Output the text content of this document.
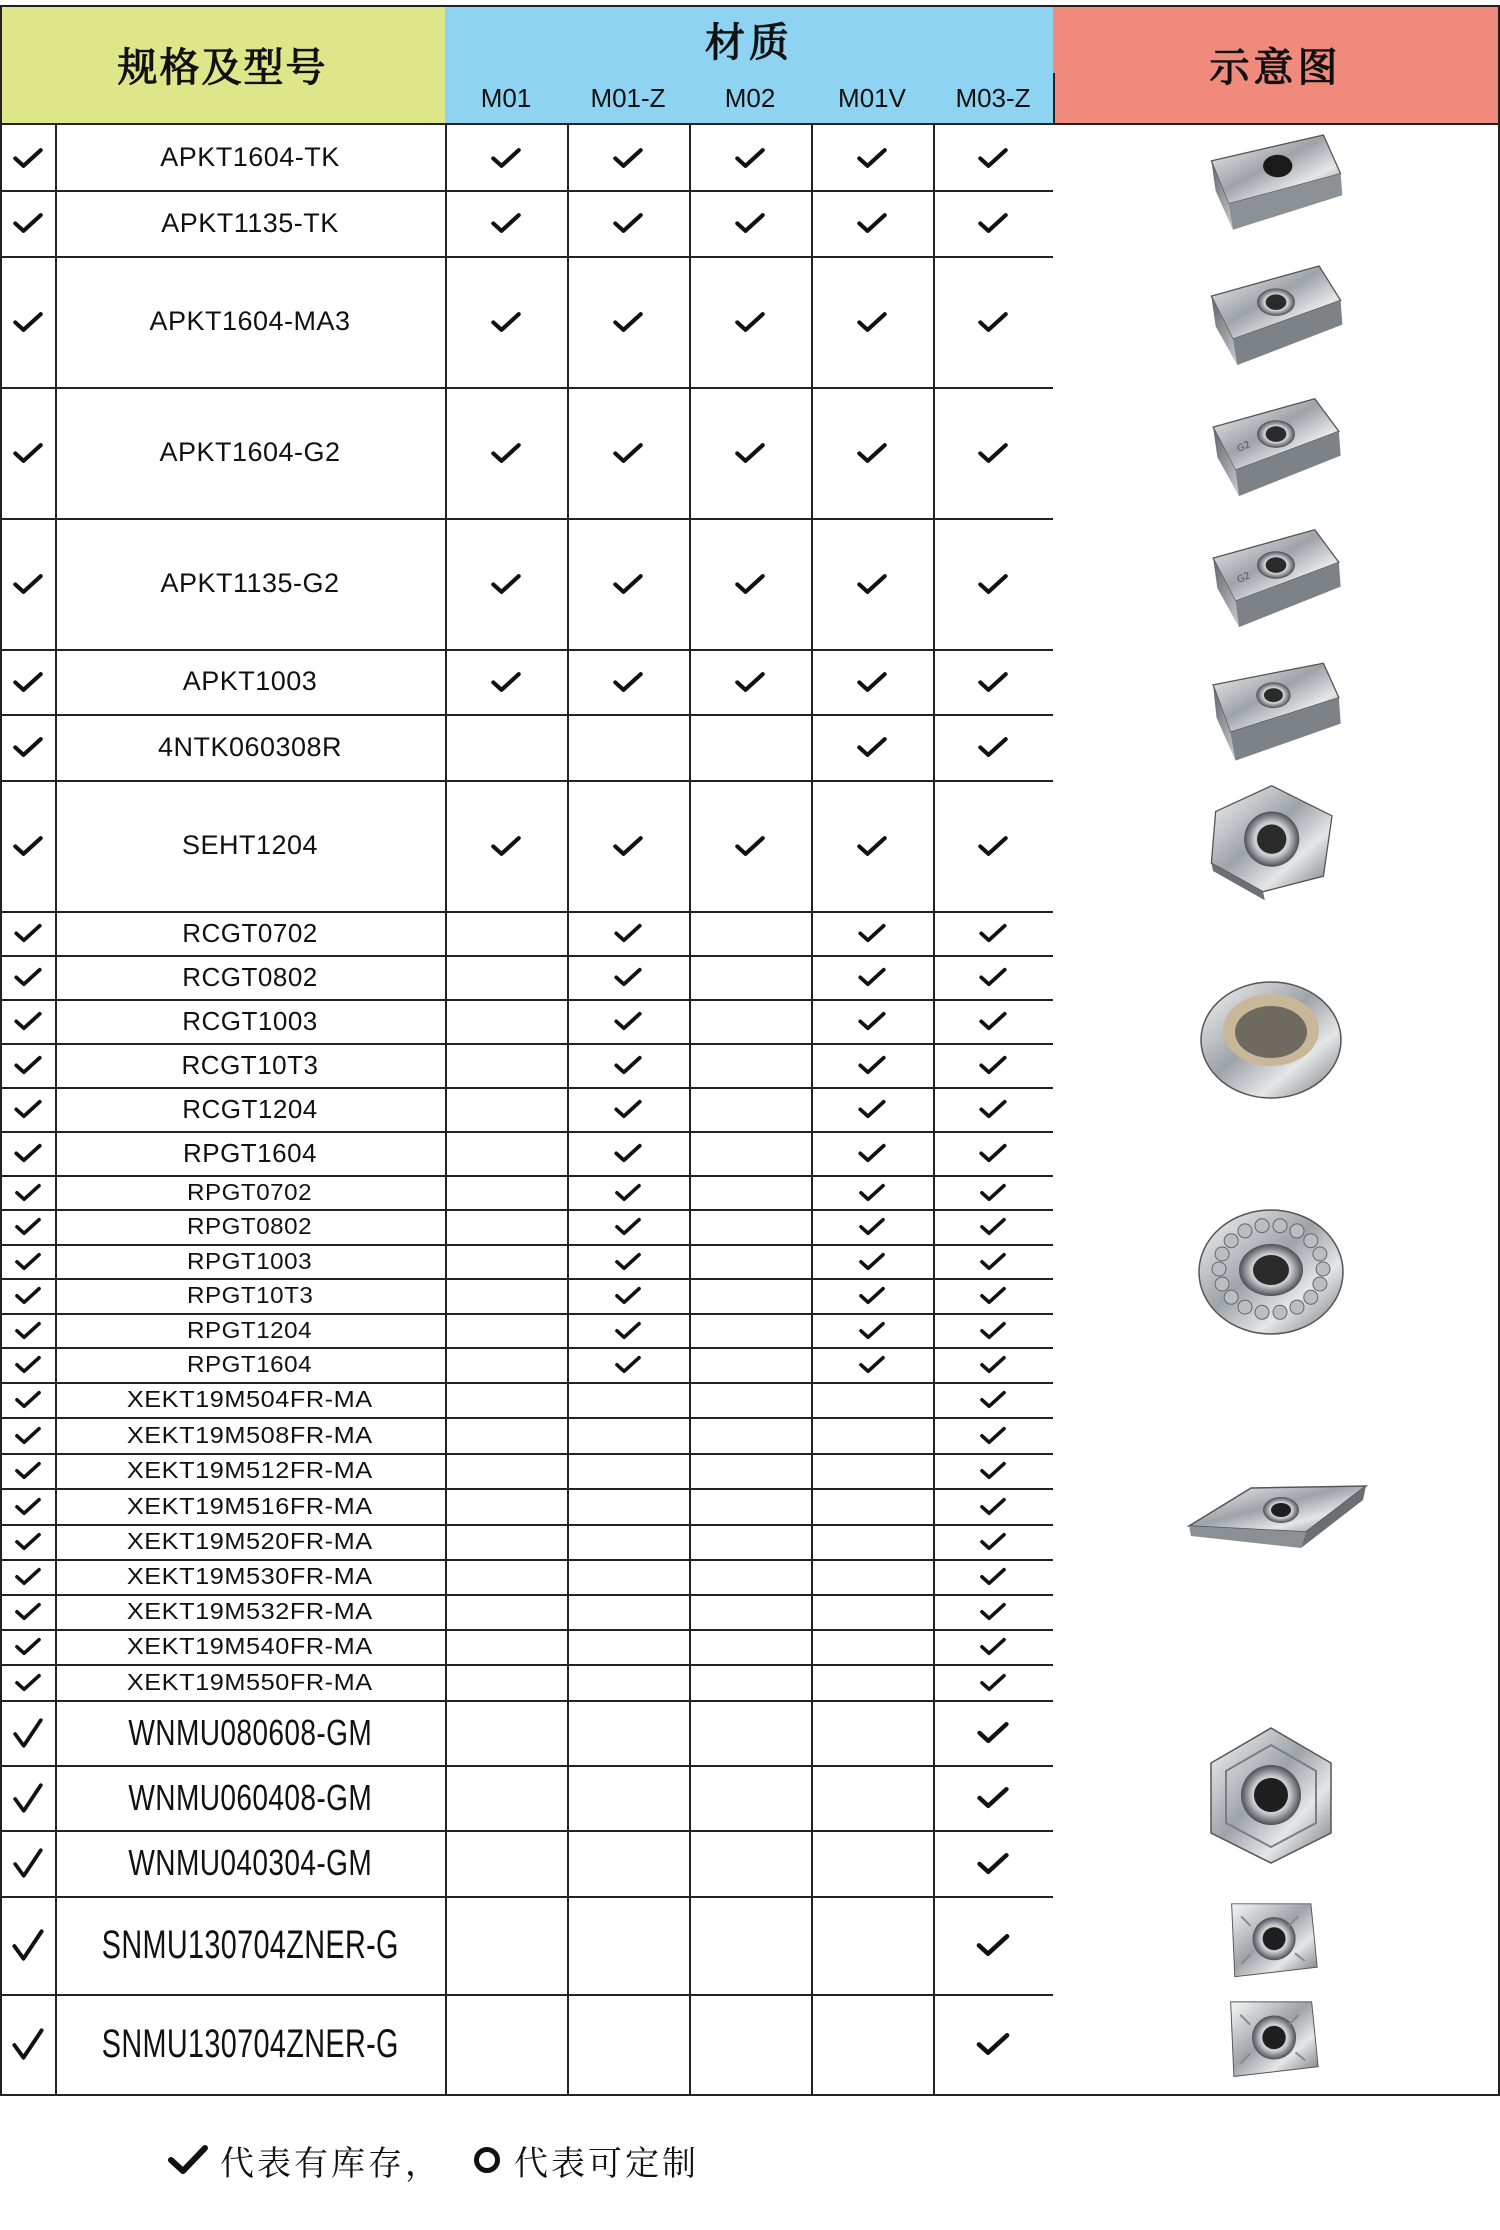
规格及型号
材质
示意图
M01 M01-Z M02 M01V M03-Z
APKT1604-TK
APKT1135-TK
APKT1604-MA3
APKT1604-G2
APKT1135-G2
APKT1003
4NTK060308R
SEHT1204
RCGT0702
RCGT0802
RCGT1003
RCGT10T3
RCGT1204
RPGT1604
RPGT0702
RPGT0802
RPGT1003
RPGT10T3
RPGT1204
RPGT1604
XEKT19M504FR-MA
XEKT19M508FR-MA
XEKT19M512FR-MA
XEKT19M516FR-MA
XEKT19M520FR-MA
XEKT19M530FR-MA
XEKT19M532FR-MA
XEKT19M540FR-MA
XEKT19M550FR-MA
WNMU080608-GM
WNMU060408-GM
WNMU040304-GM
SNMU130704ZNER-G
SNMU130704ZNER-G
G2
G2
代表有库存， 代表可定制
